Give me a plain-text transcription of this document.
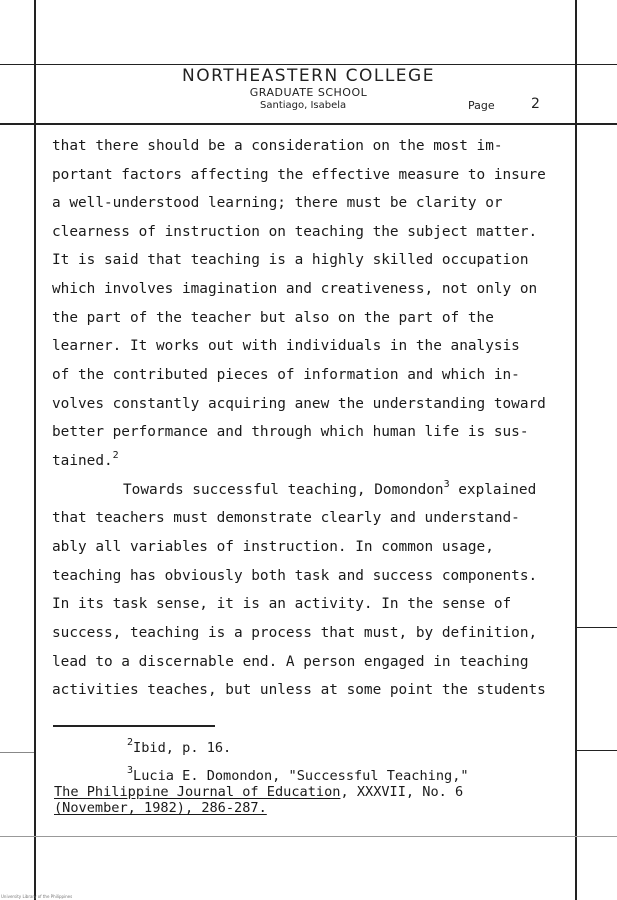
NORTHEASTERN COLLEGE
GRADUATE SCHOOL
Santiago, Isabela	Page	2
that there should be a consideration on the most im-
portant factors affecting the effective measure to insure
a well-understood learning; there must be clarity or
clearness of instruction on teaching the subject matter.
It is said that teaching is a highly skilled occupation
which involves imagination and creativeness, not only on
the part of the teacher but also on the part of the
learner. It works out with individuals in the analysis
of the contributed pieces of information and which in-
volves constantly acquiring anew the understanding toward
better performance and through which human life is sus-
tained.$^2$
Towards successful teaching, Domondon$^3$ explained
that teachers must demonstrate clearly and understand-
ably all variables of instruction. In common usage,
teaching has obviously both task and success components.
In its task sense, it is an activity. In the sense of
success, teaching is a process that must, by definition,
lead to a discernable end. A person engaged in teaching
activities teaches, but unless at some point the students
$^2$Ibid, p. 16.
$^3$Lucia E. Domondon, "Successful Teaching,"
The Philippine Journal of Education, XXXVII, No. 6
(November, 1982), 286-287.
University Library of the Philippines
